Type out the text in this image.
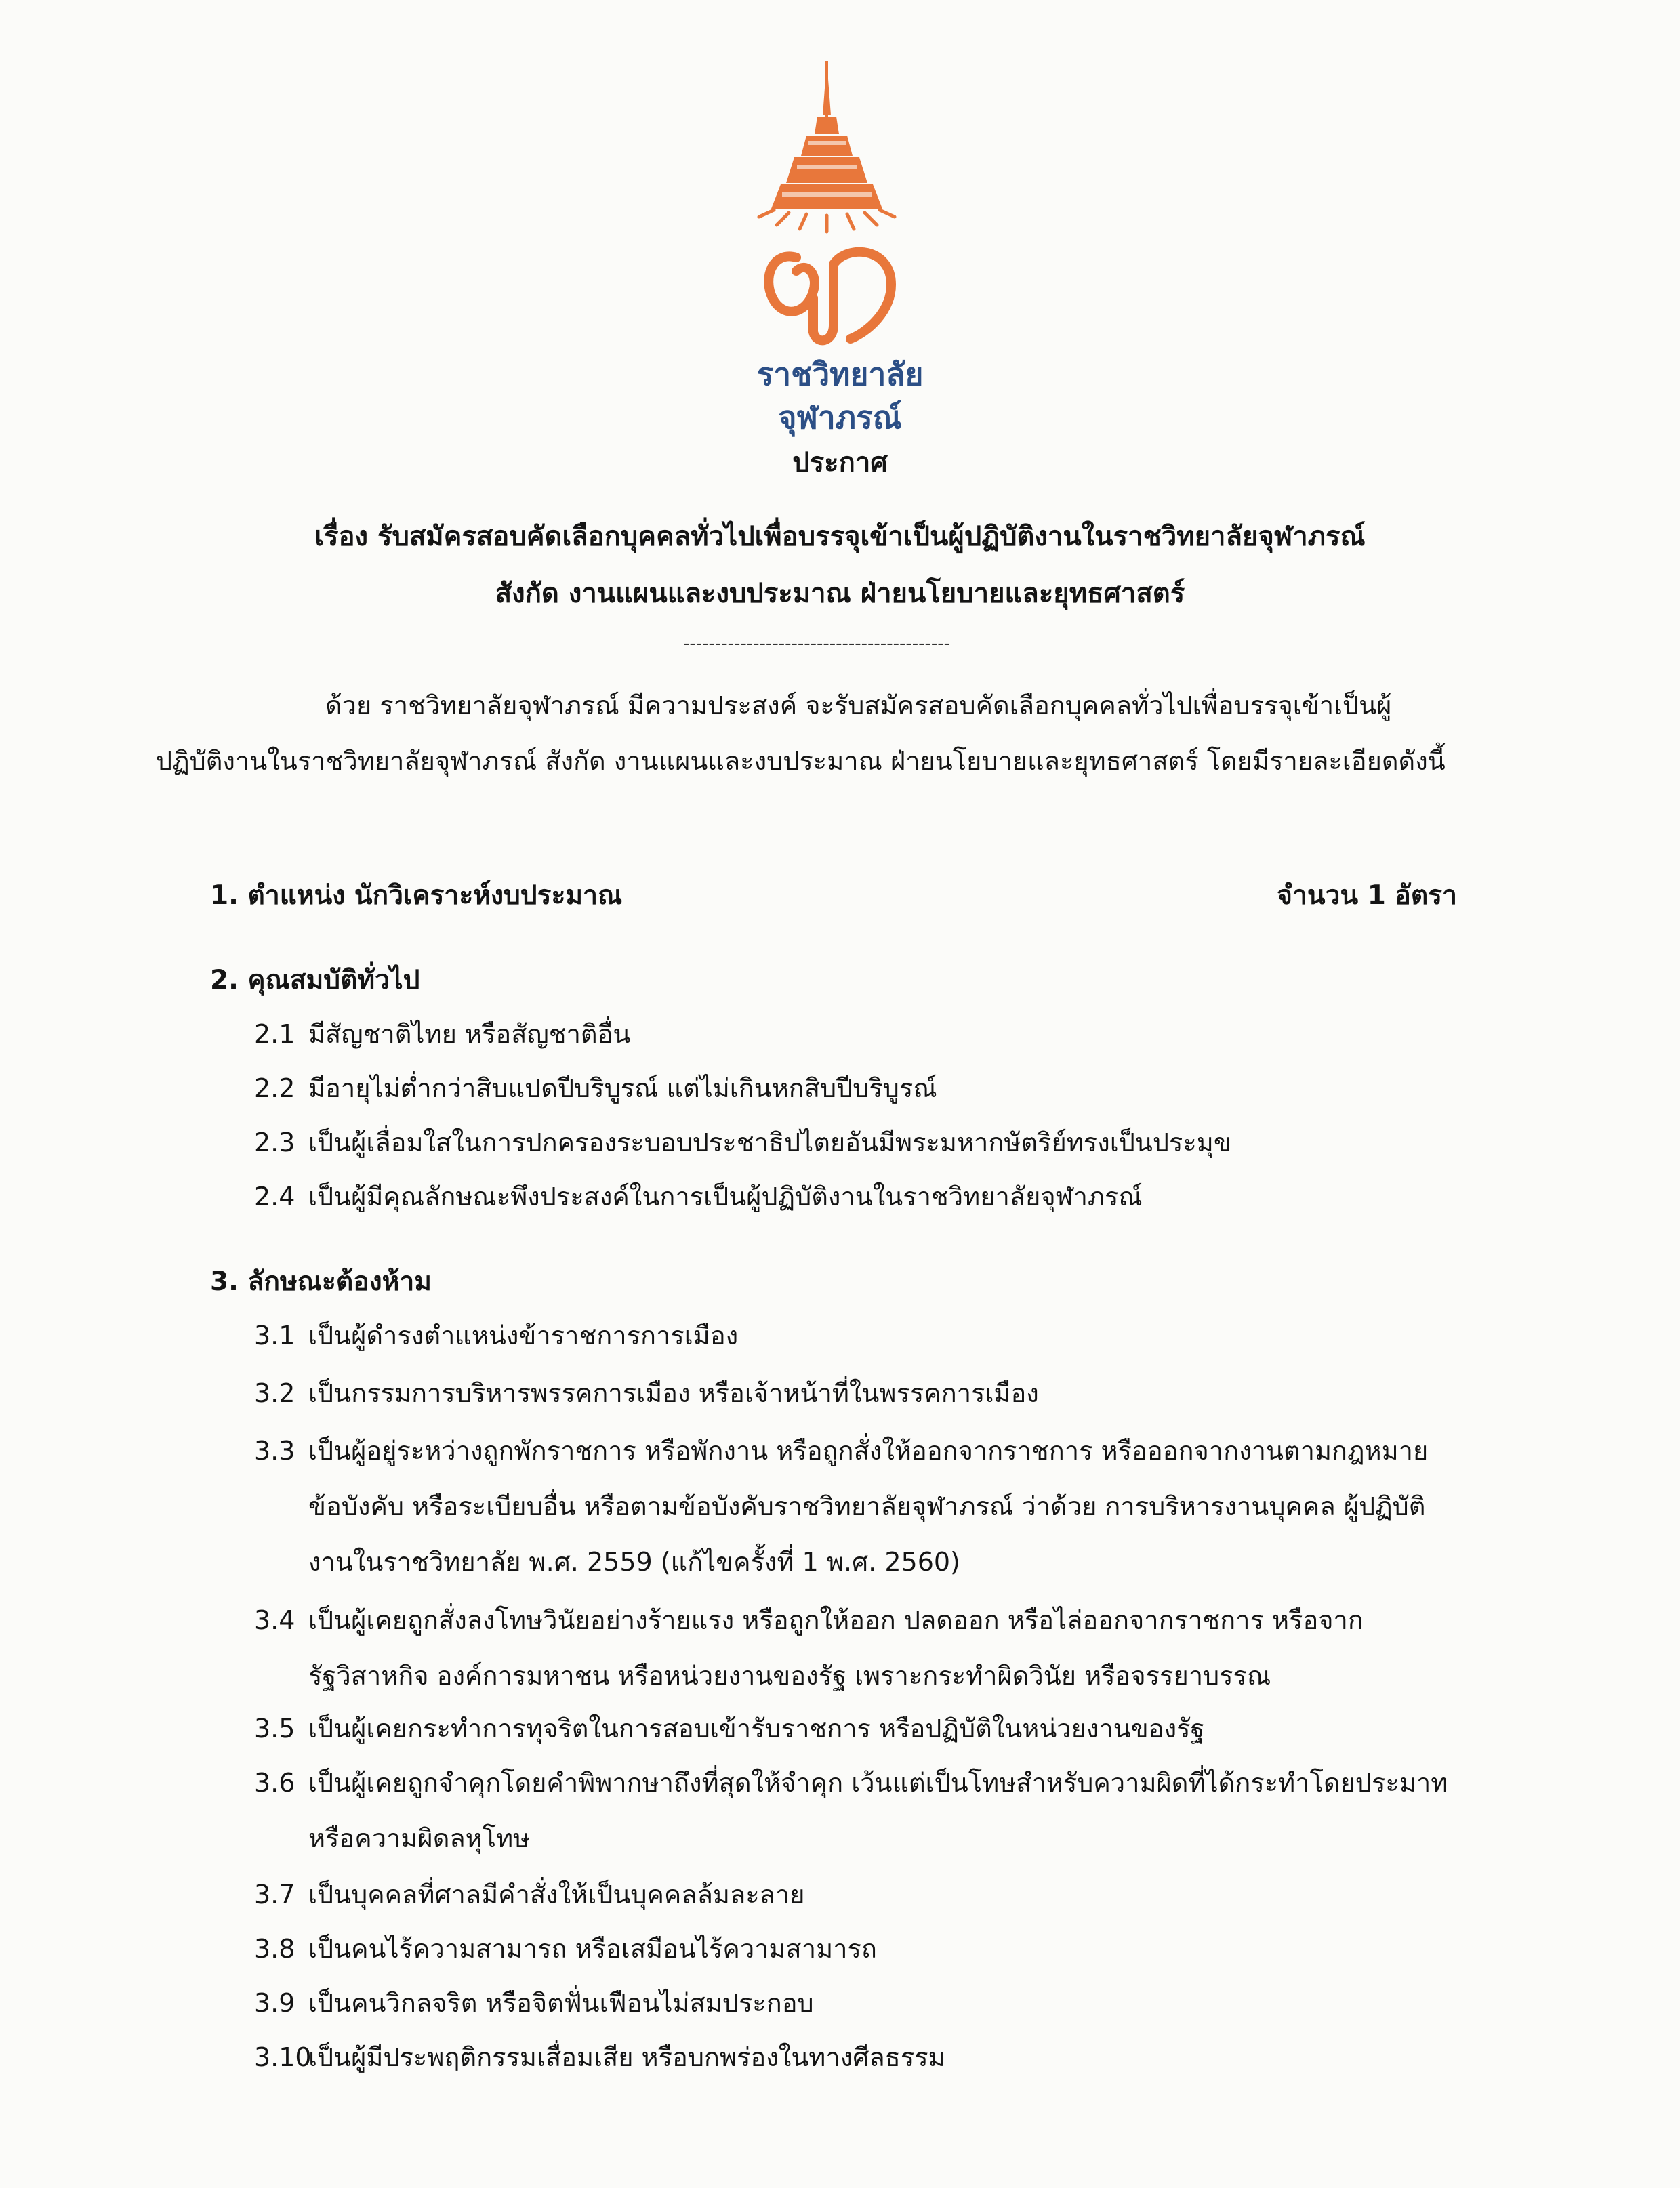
ราชวิทยาลัย
จุฬาภรณ์
ประกาศ
เรื่อง รับสมัครสอบคัดเลือกบุคคลทั่วไปเพื่อบรรจุเข้าเป็นผู้ปฏิบัติงานในราชวิทยาลัยจุฬาภรณ์
สังกัด งานแผนและงบประมาณ ฝ่ายนโยบายและยุทธศาสตร์
------------------------------------------
ด้วย ราชวิทยาลัยจุฬาภรณ์ มีความประสงค์ จะรับสมัครสอบคัดเลือกบุคคลทั่วไปเพื่อบรรจุเข้าเป็นผู้ปฏิบัติงานในราชวิทยาลัยจุฬาภรณ์ สังกัด งานแผนและงบประมาณ ฝ่ายนโยบายและยุทธศาสตร์ โดยมีรายละเอียดดังนี้
1. ตำแหน่ง นักวิเคราะห์งบประมาณ	จำนวน 1 อัตรา
2. คุณสมบัติทั่วไป
2.1 มีสัญชาติไทย หรือสัญชาติอื่น
2.2 มีอายุไม่ต่ำกว่าสิบแปดปีบริบูรณ์ แต่ไม่เกินหกสิบปีบริบูรณ์
2.3 เป็นผู้เลื่อมใสในการปกครองระบอบประชาธิปไตยอันมีพระมหากษัตริย์ทรงเป็นประมุข
2.4 เป็นผู้มีคุณลักษณะพึงประสงค์ในการเป็นผู้ปฏิบัติงานในราชวิทยาลัยจุฬาภรณ์
3. ลักษณะต้องห้าม
3.1 เป็นผู้ดำรงตำแหน่งข้าราชการการเมือง
3.2 เป็นกรรมการบริหารพรรคการเมือง หรือเจ้าหน้าที่ในพรรคการเมือง
3.3 เป็นผู้อยู่ระหว่างถูกพักราชการ หรือพักงาน หรือถูกสั่งให้ออกจากราชการ หรือออกจากงานตามกฎหมาย ข้อบังคับ หรือระเบียบอื่น หรือตามข้อบังคับราชวิทยาลัยจุฬาภรณ์ ว่าด้วย การบริหารงานบุคคล ผู้ปฏิบัติงานในราชวิทยาลัย พ.ศ. 2559 (แก้ไขครั้งที่ 1 พ.ศ. 2560)
3.4 เป็นผู้เคยถูกสั่งลงโทษวินัยอย่างร้ายแรง หรือถูกให้ออก ปลดออก หรือไล่ออกจากราชการ หรือจากรัฐวิสาหกิจ องค์การมหาชน หรือหน่วยงานของรัฐ เพราะกระทำผิดวินัย หรือจรรยาบรรณ
3.5 เป็นผู้เคยกระทำการทุจริตในการสอบเข้ารับราชการ หรือปฏิบัติในหน่วยงานของรัฐ
3.6 เป็นผู้เคยถูกจำคุกโดยคำพิพากษาถึงที่สุดให้จำคุก เว้นแต่เป็นโทษสำหรับความผิดที่ได้กระทำโดยประมาทหรือความผิดลหุโทษ
3.7 เป็นบุคคลที่ศาลมีคำสั่งให้เป็นบุคคลล้มละลาย
3.8 เป็นคนไร้ความสามารถ หรือเสมือนไร้ความสามารถ
3.9 เป็นคนวิกลจริต หรือจิตฟั่นเฟือนไม่สมประกอบ
3.10
เป็นผู้มีประพฤติกรรมเสื่อมเสีย หรือบกพร่องในทางศีลธรรม
